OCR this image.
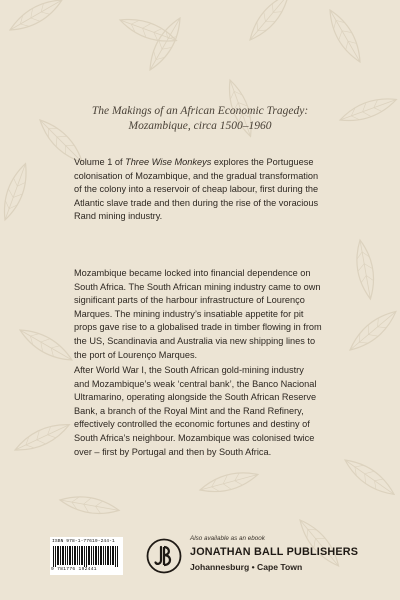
The Makings of an African Economic Tragedy:
Mozambique, circa 1500–1960
Volume 1 of Three Wise Monkeys explores the Portuguese
colonisation of Mozambique, and the gradual transformation
of the colony into a reservoir of cheap labour, first during the
Atlantic slave trade and then during the rise of the voracious
Rand mining industry.
Mozambique became locked into financial dependence on
South Africa. The South African mining industry came to own
significant parts of the harbour infrastructure of Lourenço
Marques. The mining industry’s insatiable appetite for pit
props gave rise to a globalised trade in timber flowing in from
the US, Scandinavia and Australia via new shipping lines to
the port of Lourenço Marques.
After World War I, the South African gold-mining industry
and Mozambique’s weak ‘central bank’, the Banco Nacional
Ultramarino, operating alongside the South African Reserve
Bank, a branch of the Royal Mint and the Rand Refinery,
effectively controlled the economic fortunes and destiny of
South Africa’s neighbour. Mozambique was colonised twice
over – first by Portugal and then by South Africa.
ISBN 978-1-77619-244-1
9 781776 192441
Also available as an ebook
JONATHAN BALL PUBLISHERS
Johannesburg • Cape Town
